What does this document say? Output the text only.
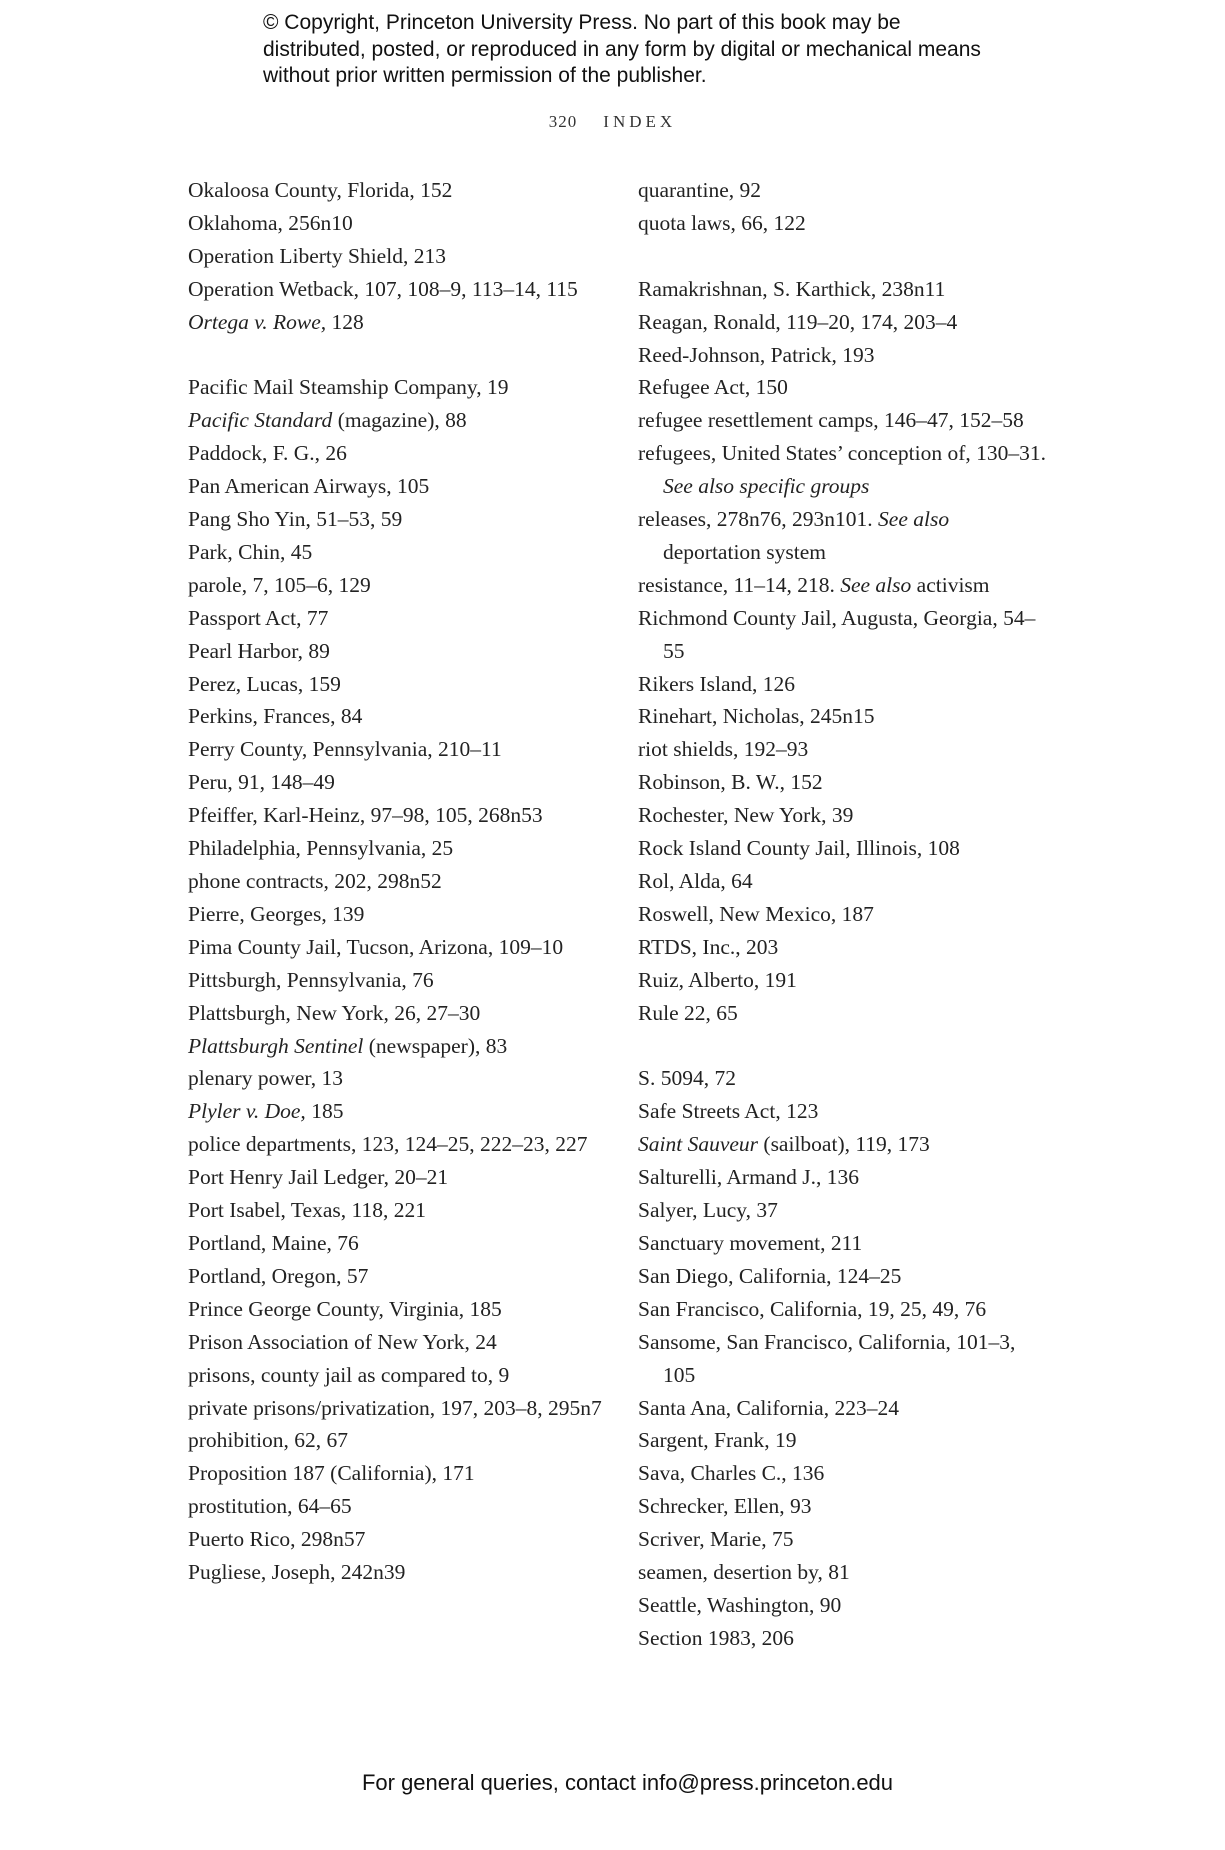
© Copyright, Princeton University Press. No part of this book may be distributed, posted, or reproduced in any form by digital or mechanical means without prior written permission of the publisher.
320 INDEX
Okaloosa County, Florida, 152
Oklahoma, 256n10
Operation Liberty Shield, 213
Operation Wetback, 107, 108–9, 113–14, 115
Ortega v. Rowe, 128
Pacific Mail Steamship Company, 19
Pacific Standard (magazine), 88
Paddock, F. G., 26
Pan American Airways, 105
Pang Sho Yin, 51–53, 59
Park, Chin, 45
parole, 7, 105–6, 129
Passport Act, 77
Pearl Harbor, 89
Perez, Lucas, 159
Perkins, Frances, 84
Perry County, Pennsylvania, 210–11
Peru, 91, 148–49
Pfeiffer, Karl-Heinz, 97–98, 105, 268n53
Philadelphia, Pennsylvania, 25
phone contracts, 202, 298n52
Pierre, Georges, 139
Pima County Jail, Tucson, Arizona, 109–10
Pittsburgh, Pennsylvania, 76
Plattsburgh, New York, 26, 27–30
Plattsburgh Sentinel (newspaper), 83
plenary power, 13
Plyler v. Doe, 185
police departments, 123, 124–25, 222–23, 227
Port Henry Jail Ledger, 20–21
Port Isabel, Texas, 118, 221
Portland, Maine, 76
Portland, Oregon, 57
Prince George County, Virginia, 185
Prison Association of New York, 24
prisons, county jail as compared to, 9
private prisons/privatization, 197, 203–8, 295n7
prohibition, 62, 67
Proposition 187 (California), 171
prostitution, 64–65
Puerto Rico, 298n57
Pugliese, Joseph, 242n39
quarantine, 92
quota laws, 66, 122
Ramakrishnan, S. Karthick, 238n11
Reagan, Ronald, 119–20, 174, 203–4
Reed-Johnson, Patrick, 193
Refugee Act, 150
refugee resettlement camps, 146–47, 152–58
refugees, United States’ conception of, 130–31. See also specific groups
releases, 278n76, 293n101. See also deportation system
resistance, 11–14, 218. See also activism
Richmond County Jail, Augusta, Georgia, 54–55
Rikers Island, 126
Rinehart, Nicholas, 245n15
riot shields, 192–93
Robinson, B. W., 152
Rochester, New York, 39
Rock Island County Jail, Illinois, 108
Rol, Alda, 64
Roswell, New Mexico, 187
RTDS, Inc., 203
Ruiz, Alberto, 191
Rule 22, 65
S. 5094, 72
Safe Streets Act, 123
Saint Sauveur (sailboat), 119, 173
Salturelli, Armand J., 136
Salyer, Lucy, 37
Sanctuary movement, 211
San Diego, California, 124–25
San Francisco, California, 19, 25, 49, 76
Sansome, San Francisco, California, 101–3, 105
Santa Ana, California, 223–24
Sargent, Frank, 19
Sava, Charles C., 136
Schrecker, Ellen, 93
Scriver, Marie, 75
seamen, desertion by, 81
Seattle, Washington, 90
Section 1983, 206
For general queries, contact info@press.princeton.edu
